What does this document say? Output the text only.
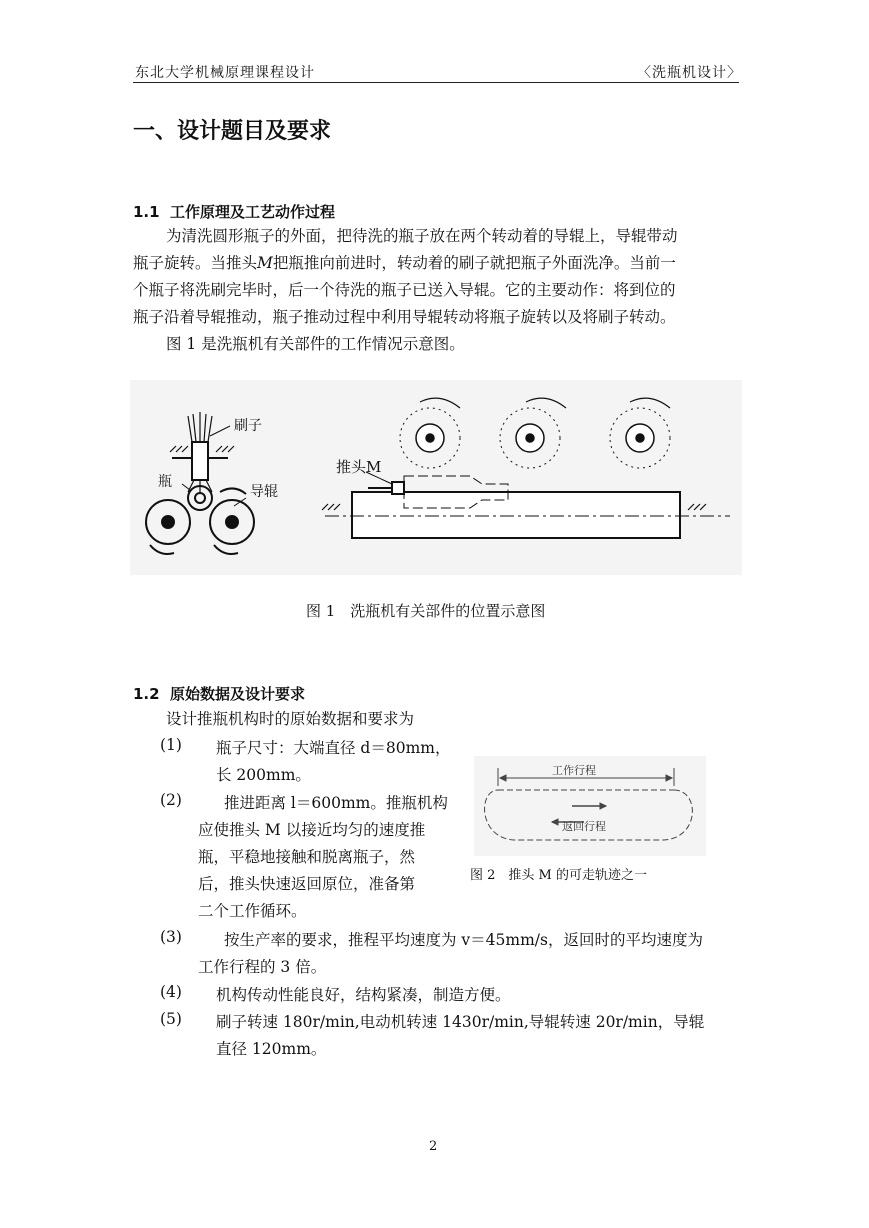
东北大学机械原理课程设计	〈洗瓶机设计〉
一、设计题目及要求
1.1 工作原理及工艺动作过程
为清洗圆形瓶子的外面，把待洗的瓶子放在两个转动着的导辊上，导辊带动
瓶子旋转。当推头M把瓶推向前进时，转动着的刷子就把瓶子外面洗净。当前一
个瓶子将洗刷完毕时，后一个待洗的瓶子已送入导辊。它的主要动作：将到位的
瓶子沿着导辊推动，瓶子推动过程中利用导辊转动将瓶子旋转以及将刷子转动。
图 1 是洗瓶机有关部件的工作情况示意图。
刷子
瓶
导辊
推头M
图 1　洗瓶机有关部件的位置示意图
1.2 原始数据及设计要求
设计推瓶机构时的原始数据和要求为
(1) 瓶子尺寸：大端直径 d＝80mm，
长 200mm。
(2)	推进距离 l＝600mm。推瓶机构
应使推头 M 以接近均匀的速度推
瓶，平稳地接触和脱离瓶子，然
后，推头快速返回原位，准备第
二个工作循环。
工作行程
返回行程
图 2　推头 M 的可走轨迹之一
(3)	按生产率的要求，推程平均速度为 v＝45mm/s，返回时的平均速度为
工作行程的 3 倍。
(4) 机构传动性能良好，结构紧凑，制造方便。
(5) 刷子转速 180r/min,电动机转速 1430r/min,导辊转速 20r/min，导辊
直径 120mm。
2
